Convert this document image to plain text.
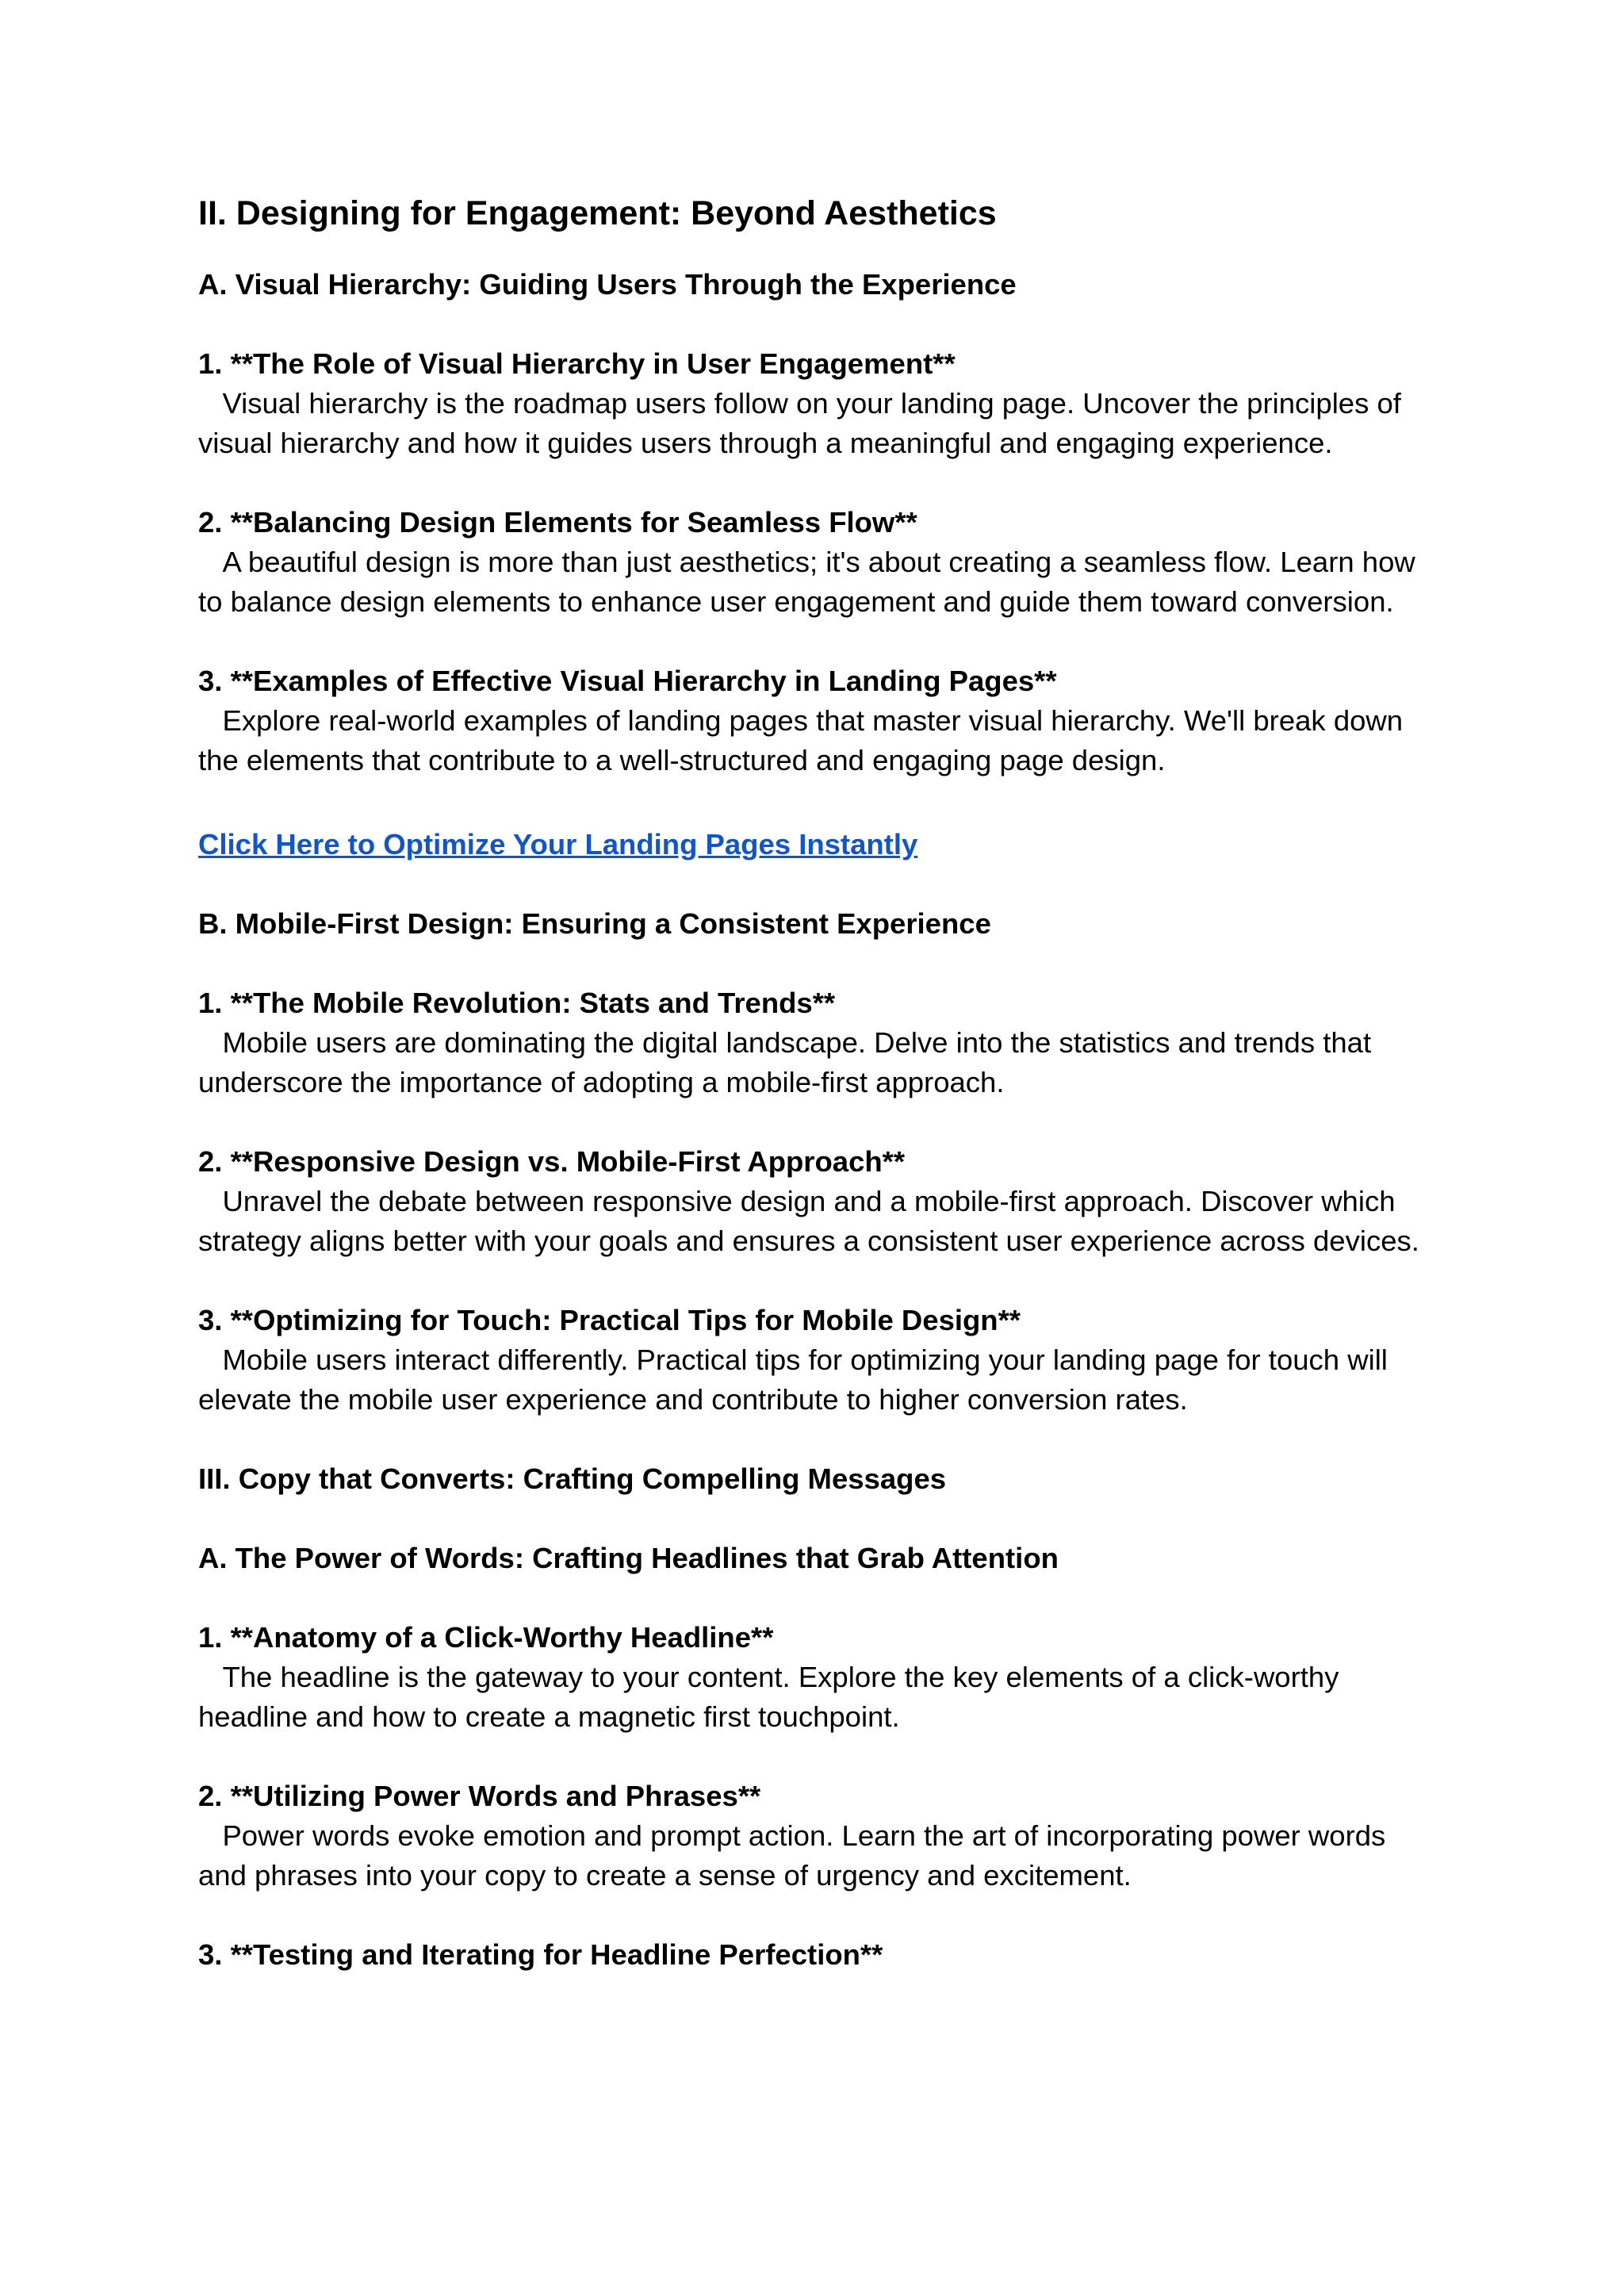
II. Designing for Engagement: Beyond Aesthetics
A. Visual Hierarchy: Guiding Users Through the Experience

1. **The Role of Visual Hierarchy in User Engagement**

Visual hierarchy is the roadmap users follow on your landing page. Uncover the principles of visual hierarchy and how it guides users through a meaningful and engaging experience.

2. **Balancing Design Elements for Seamless Flow**

A beautiful design is more than just aesthetics; it's about creating a seamless flow. Learn how to balance design elements to enhance user engagement and guide them toward conversion.

3. **Examples of Effective Visual Hierarchy in Landing Pages**

Explore real-world examples of landing pages that master visual hierarchy. We'll break down the elements that contribute to a well-structured and engaging page design.

Click Here to Optimize Your Landing Pages Instantly
B. Mobile-First Design: Ensuring a Consistent Experience

1. **The Mobile Revolution: Stats and Trends**

Mobile users are dominating the digital landscape. Delve into the statistics and trends that underscore the importance of adopting a mobile-first approach.

2. **Responsive Design vs. Mobile-First Approach**

Unravel the debate between responsive design and a mobile-first approach. Discover which strategy aligns better with your goals and ensures a consistent user experience across devices.

3. **Optimizing for Touch: Practical Tips for Mobile Design**

Mobile users interact differently. Practical tips for optimizing your landing page for touch will elevate the mobile user experience and contribute to higher conversion rates.

III. Copy that Converts: Crafting Compelling Messages
A. The Power of Words: Crafting Headlines that Grab Attention

1. **Anatomy of a Click-Worthy Headline**

The headline is the gateway to your content. Explore the key elements of a click-worthy headline and how to create a magnetic first touchpoint.

2. **Utilizing Power Words and Phrases**

Power words evoke emotion and prompt action. Learn the art of incorporating power words and phrases into your copy to create a sense of urgency and excitement.

3. **Testing and Iterating for Headline Perfection**
